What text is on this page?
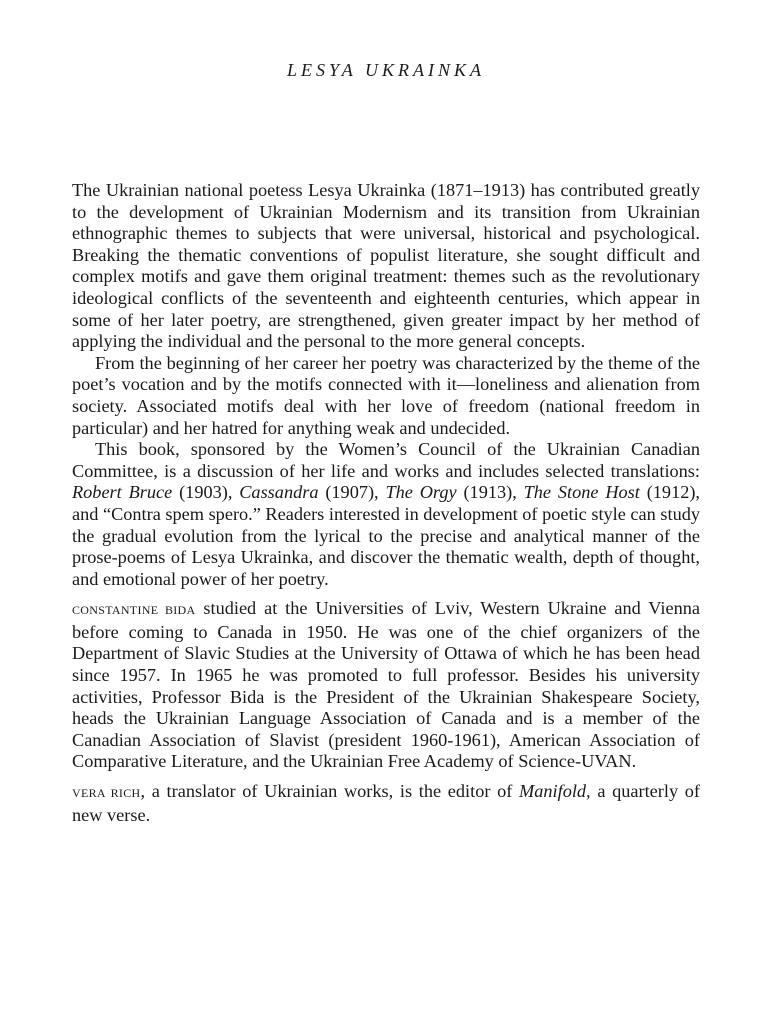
LESYA UKRAINKA

The Ukrainian national poetess Lesya Ukrainka (1871–1913) has contributed greatly to the development of Ukrainian Modernism and its transition from Ukrainian ethnographic themes to subjects that were universal, historical and psychological. Breaking the thematic conventions of populist literature, she sought difficult and complex motifs and gave them original treatment: themes such as the revolutionary ideological conflicts of the seventeenth and eighteenth centuries, which appear in some of her later poetry, are strengthened, given greater impact by her method of applying the individual and the personal to the more general concepts.

From the beginning of her career her poetry was characterized by the theme of the poet’s vocation and by the motifs connected with it—loneliness and alienation from society. Associated motifs deal with her love of freedom (national freedom in particular) and her hatred for anything weak and undecided.

This book, sponsored by the Women’s Council of the Ukrainian Canadian Committee, is a discussion of her life and works and includes selected translations: Robert Bruce (1903), Cassandra (1907), The Orgy (1913), The Stone Host (1912), and “Contra spem spero.” Readers interested in development of poetic style can study the gradual evolution from the lyrical to the precise and analytical manner of the prose-poems of Lesya Ukrainka, and discover the thematic wealth, depth of thought, and emotional power of her poetry.

CONSTANTINE BIDA studied at the Universities of Lviv, Western Ukraine and Vienna before coming to Canada in 1950. He was one of the chief organizers of the Department of Slavic Studies at the University of Ottawa of which he has been head since 1957. In 1965 he was promoted to full professor. Besides his university activities, Professor Bida is the President of the Ukrainian Shakespeare Society, heads the Ukrainian Language Association of Canada and is a member of the Canadian Association of Slavist (president 1960-1961), American Association of Comparative Literature, and the Ukrainian Free Academy of Science-UVAN.

VERA RICH, a translator of Ukrainian works, is the editor of Manifold, a quarterly of new verse.
